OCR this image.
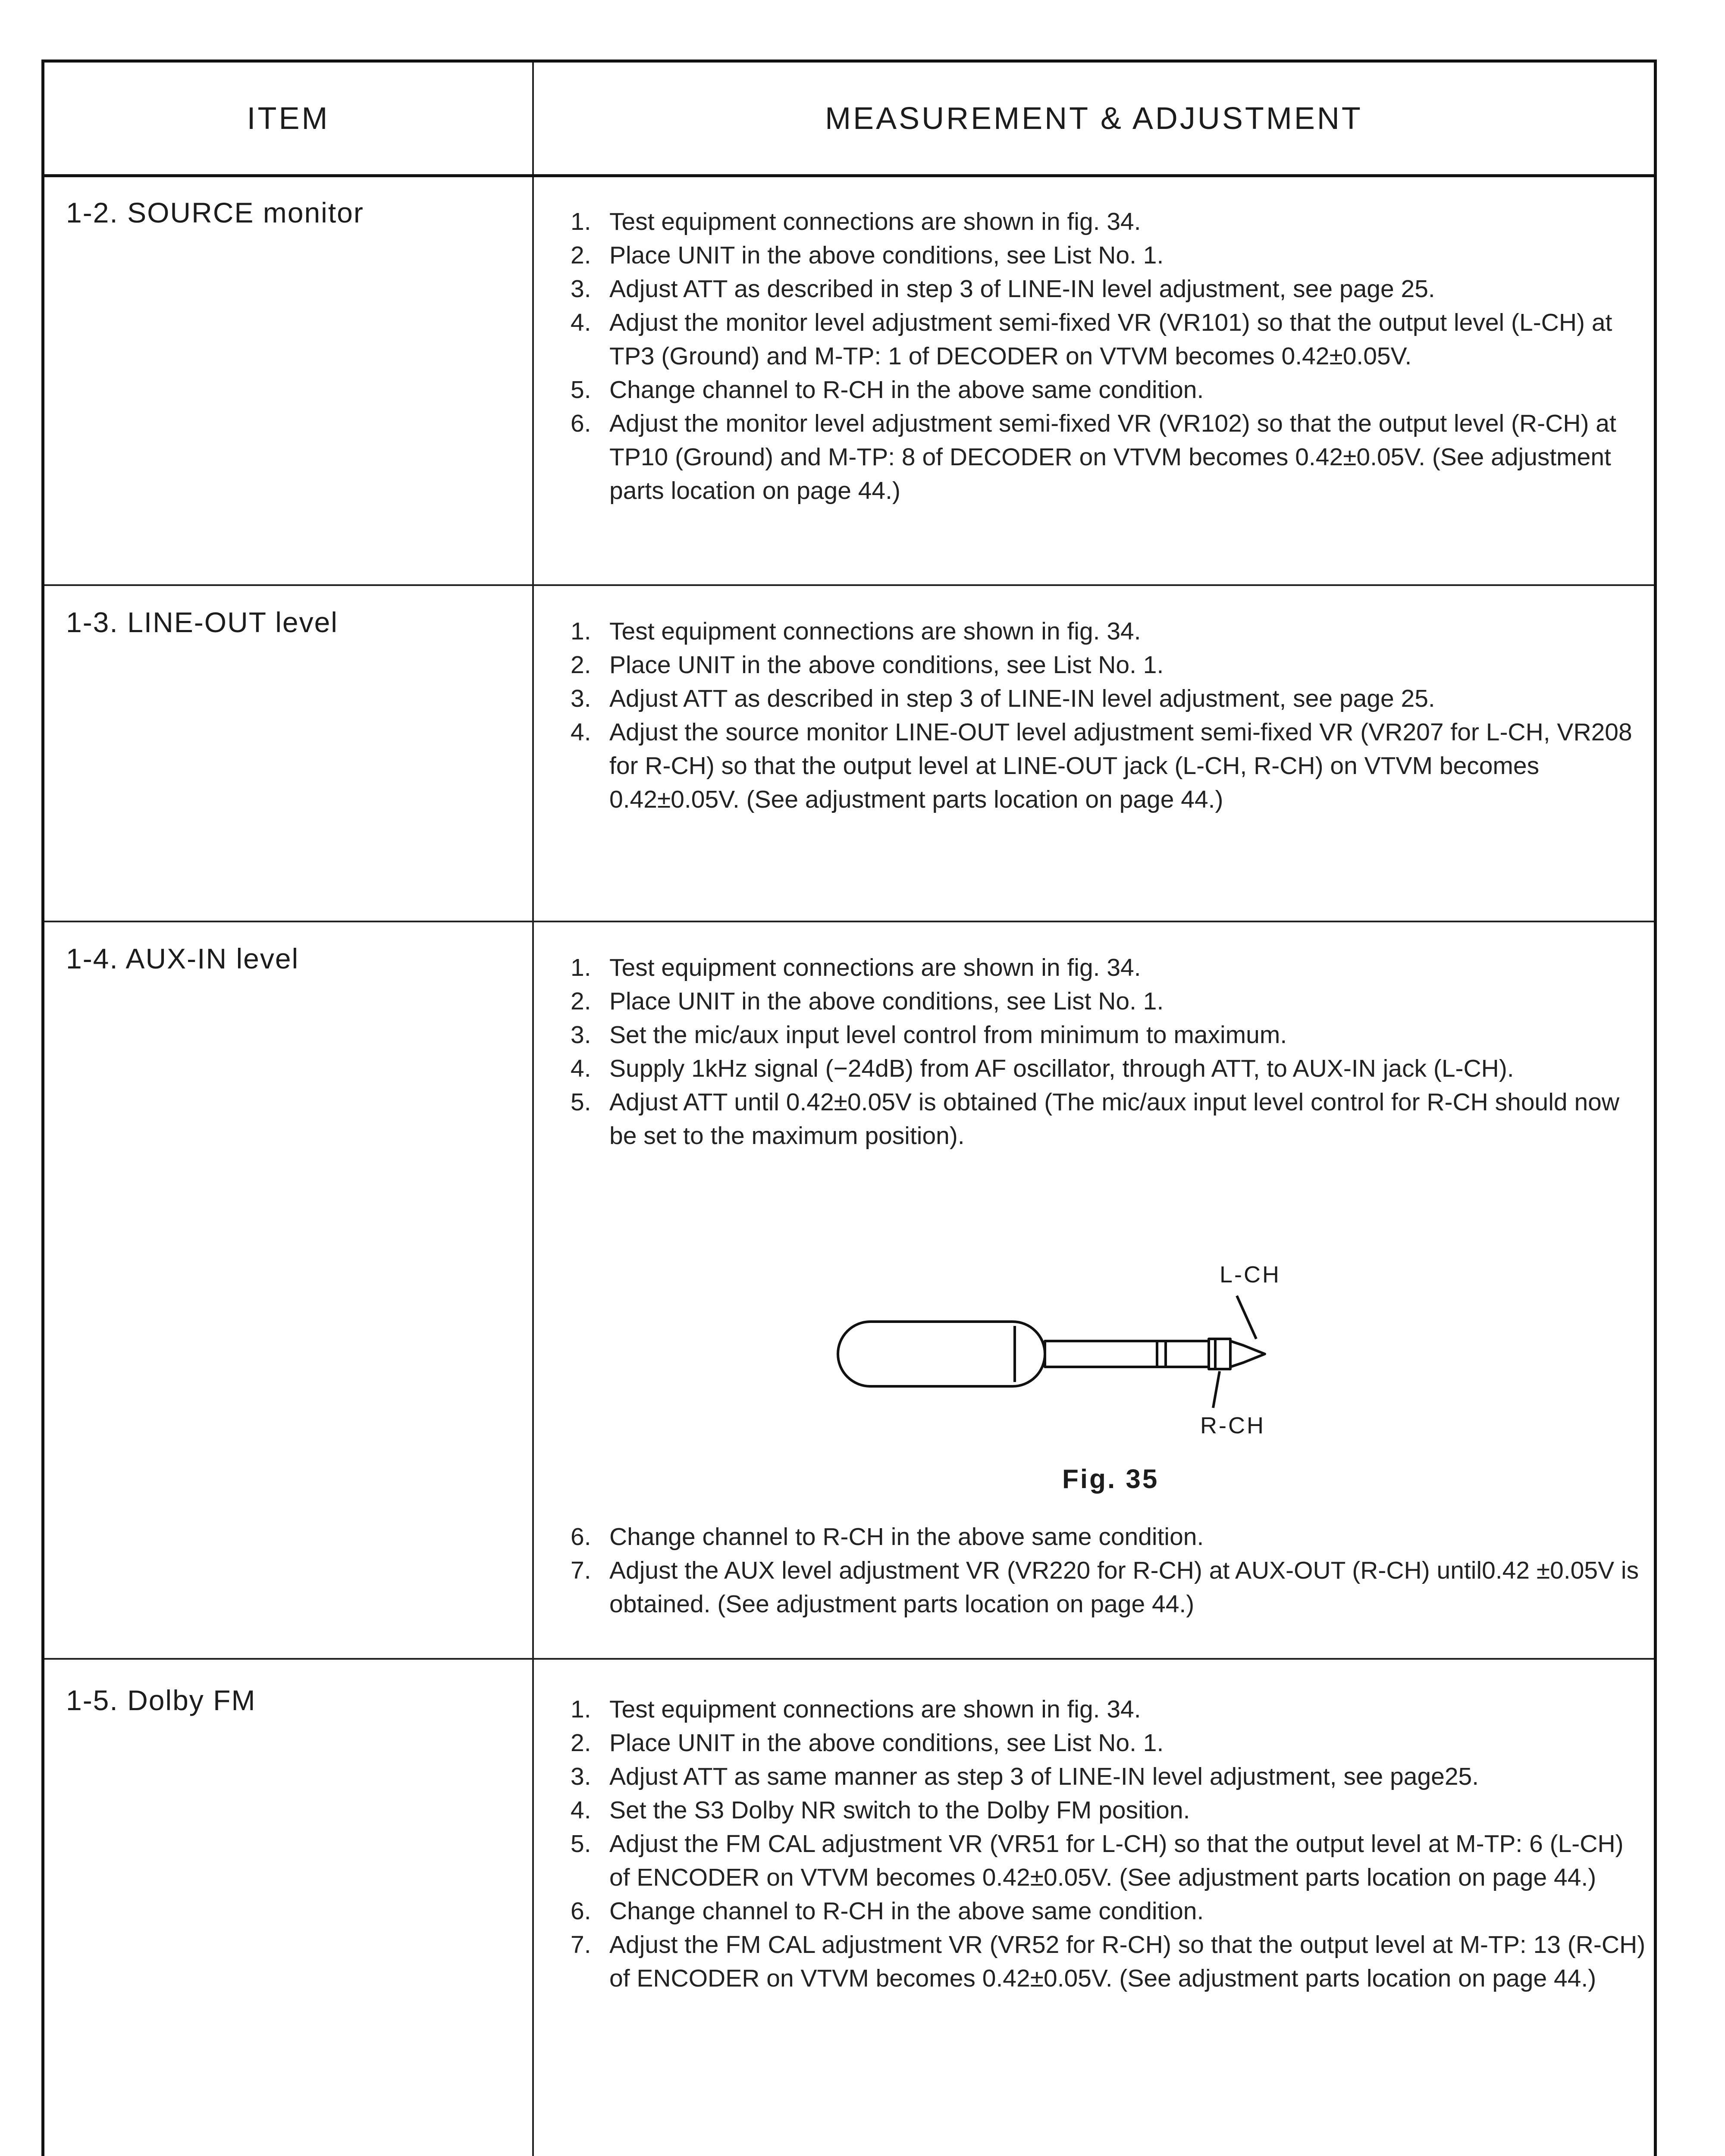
ITEM	MEASUREMENT & ADJUSTMENT
1-2. SOURCE monitor	1. Test equipment connections are shown in fig. 34.
2. Place UNIT in the above conditions, see List No. 1.
3. Adjust ATT as described in step 3 of LINE-IN level adjustment, see page 25.
4. Adjust the monitor level adjustment semi-fixed VR (VR101) so that the output level (L-CH) at TP3 (Ground) and M-TP: 1 of DECODER on VTVM becomes 0.42±0.05V.
5. Change channel to R-CH in the above same condition.
6. Adjust the monitor level adjustment semi-fixed VR (VR102) so that the output level (R-CH) at TP10 (Ground) and M-TP: 8 of DECODER on VTVM becomes 0.42±0.05V. (See adjustment parts location on page 44.)
1-3. LINE-OUT level	1. Test equipment connections are shown in fig. 34.
2. Place UNIT in the above conditions, see List No. 1.
3. Adjust ATT as described in step 3 of LINE-IN level adjustment, see page 25.
4. Adjust the source monitor LINE-OUT level adjustment semi-fixed VR (VR207 for L-CH, VR208 for R-CH) so that the output level at LINE-OUT jack (L-CH, R-CH) on VTVM becomes 0.42±0.05V. (See adjustment parts location on page 44.)
1-4. AUX-IN level	1. Test equipment connections are shown in fig. 34.
2. Place UNIT in the above conditions, see List No. 1.
3. Set the mic/aux input level control from minimum to maximum.
4. Supply 1kHz signal (−24dB) from AF oscillator, through ATT, to AUX-IN jack (L-CH).
5. Adjust ATT until 0.42±0.05V is obtained (The mic/aux input level control for R-CH should now be set to the maximum position).
L-CH
R-CH
Fig. 35
6. Change channel to R-CH in the above same condition.
7. Adjust the AUX level adjustment VR (VR220 for R-CH) at AUX-OUT (R-CH) until0.42 ±0.05V is obtained. (See adjustment parts location on page 44.)
1-5. Dolby FM	1. Test equipment connections are shown in fig. 34.
2. Place UNIT in the above conditions, see List No. 1.
3. Adjust ATT as same manner as step 3 of LINE-IN level adjustment, see page25.
4. Set the S3 Dolby NR switch to the Dolby FM position.
5. Adjust the FM CAL adjustment VR (VR51 for L-CH) so that the output level at M-TP: 6 (L-CH) of ENCODER on VTVM becomes 0.42±0.05V. (See adjustment parts location on page 44.)
6. Change channel to R-CH in the above same condition.
7. Adjust the FM CAL adjustment VR (VR52 for R-CH) so that the output level at M-TP: 13 (R-CH) of ENCODER on VTVM becomes 0.42±0.05V. (See adjustment parts location on page 44.)
